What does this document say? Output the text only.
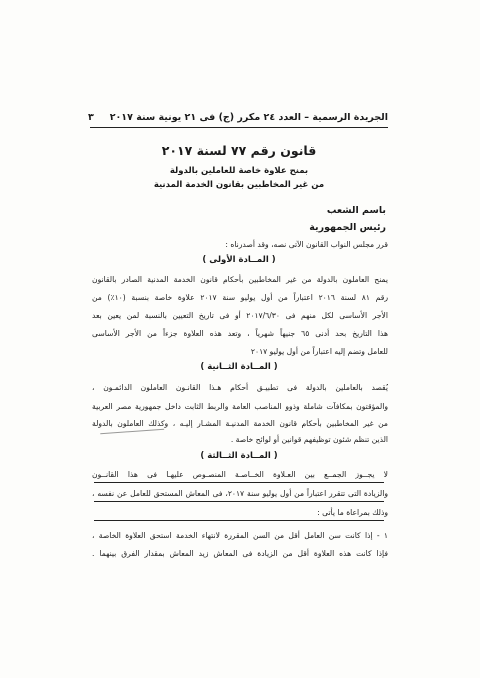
الجريدة الرسمية – العدد ٢٤ مكرر (ج) فى ٢١ يونية سنة ٢٠١٧
٣
قانون رقم ٧٧ لسنة ٢٠١٧
بمنح علاوة خاصة للعاملين بالدولة
من غير المخاطبين بقانون الخدمة المدنية
باسم الشعب
رئيس الجمهورية
قرر مجلس النواب القانون الآتى نصه، وقد أصدرناه :
( المــادة الأولى )
يمنح العاملون بالدولة من غير المخاطبين بأحكام قانون الخدمة المدنية الصادر بالقانون
رقم ٨١ لسنة ٢٠١٦ اعتباراً من أول يوليو سنة ٢٠١٧ علاوة خاصة بنسبة (١٠٪) من
الأجر الأساسى لكل منهم فى ٢٠١٧/٦/٣٠ أو فى تاريخ التعيين بالنسبة لمن يعين بعد
هذا التاريخ بحد أدنى ٦٥ جنيهاً شهرياً ، وتعد هذه العلاوة جزءاً من الأجر الأساسى
للعامل وتضم إليه اعتباراً من أول يوليو ٢٠١٧
( المــادة الثــانية )
يُقصد بالعاملين بالدولة فى تطبيـق أحكام هـذا القانـون العاملون الدائمـون ،
والمؤقتون بمكافآت شاملة وذوو المناصب العامة والربط الثابت داخل جمهورية مصر العربية
من غير المخاطبين بأحكام قانون الخدمة المدنيـة المشـار إليـه ، وكذلك العاملون بالدولة
الذين تنظم شئون توظيفهم قوانين أو لوائح خاصة .
( المــادة الثــالثة )
لا يجــوز الجمــع بين العـلاوة الخــاصـة المنصـوص عليهـا فى هذا القانــون
والزيادة التى تتقرر اعتباراً من أول يوليو سنة ٢٠١٧، فى المعاش المستحق للعامل عن نفسه ،
وذلك بمراعاة ما يأتى :
١ - إذا كانت سن العامل أقل من السن المقررة لانتهاء الخدمة استحق العلاوة الخاصة ،
فإذا كانت هذه العلاوة أقل من الزيادة فى المعاش زيد المعاش بمقدار الفرق بينهما .
